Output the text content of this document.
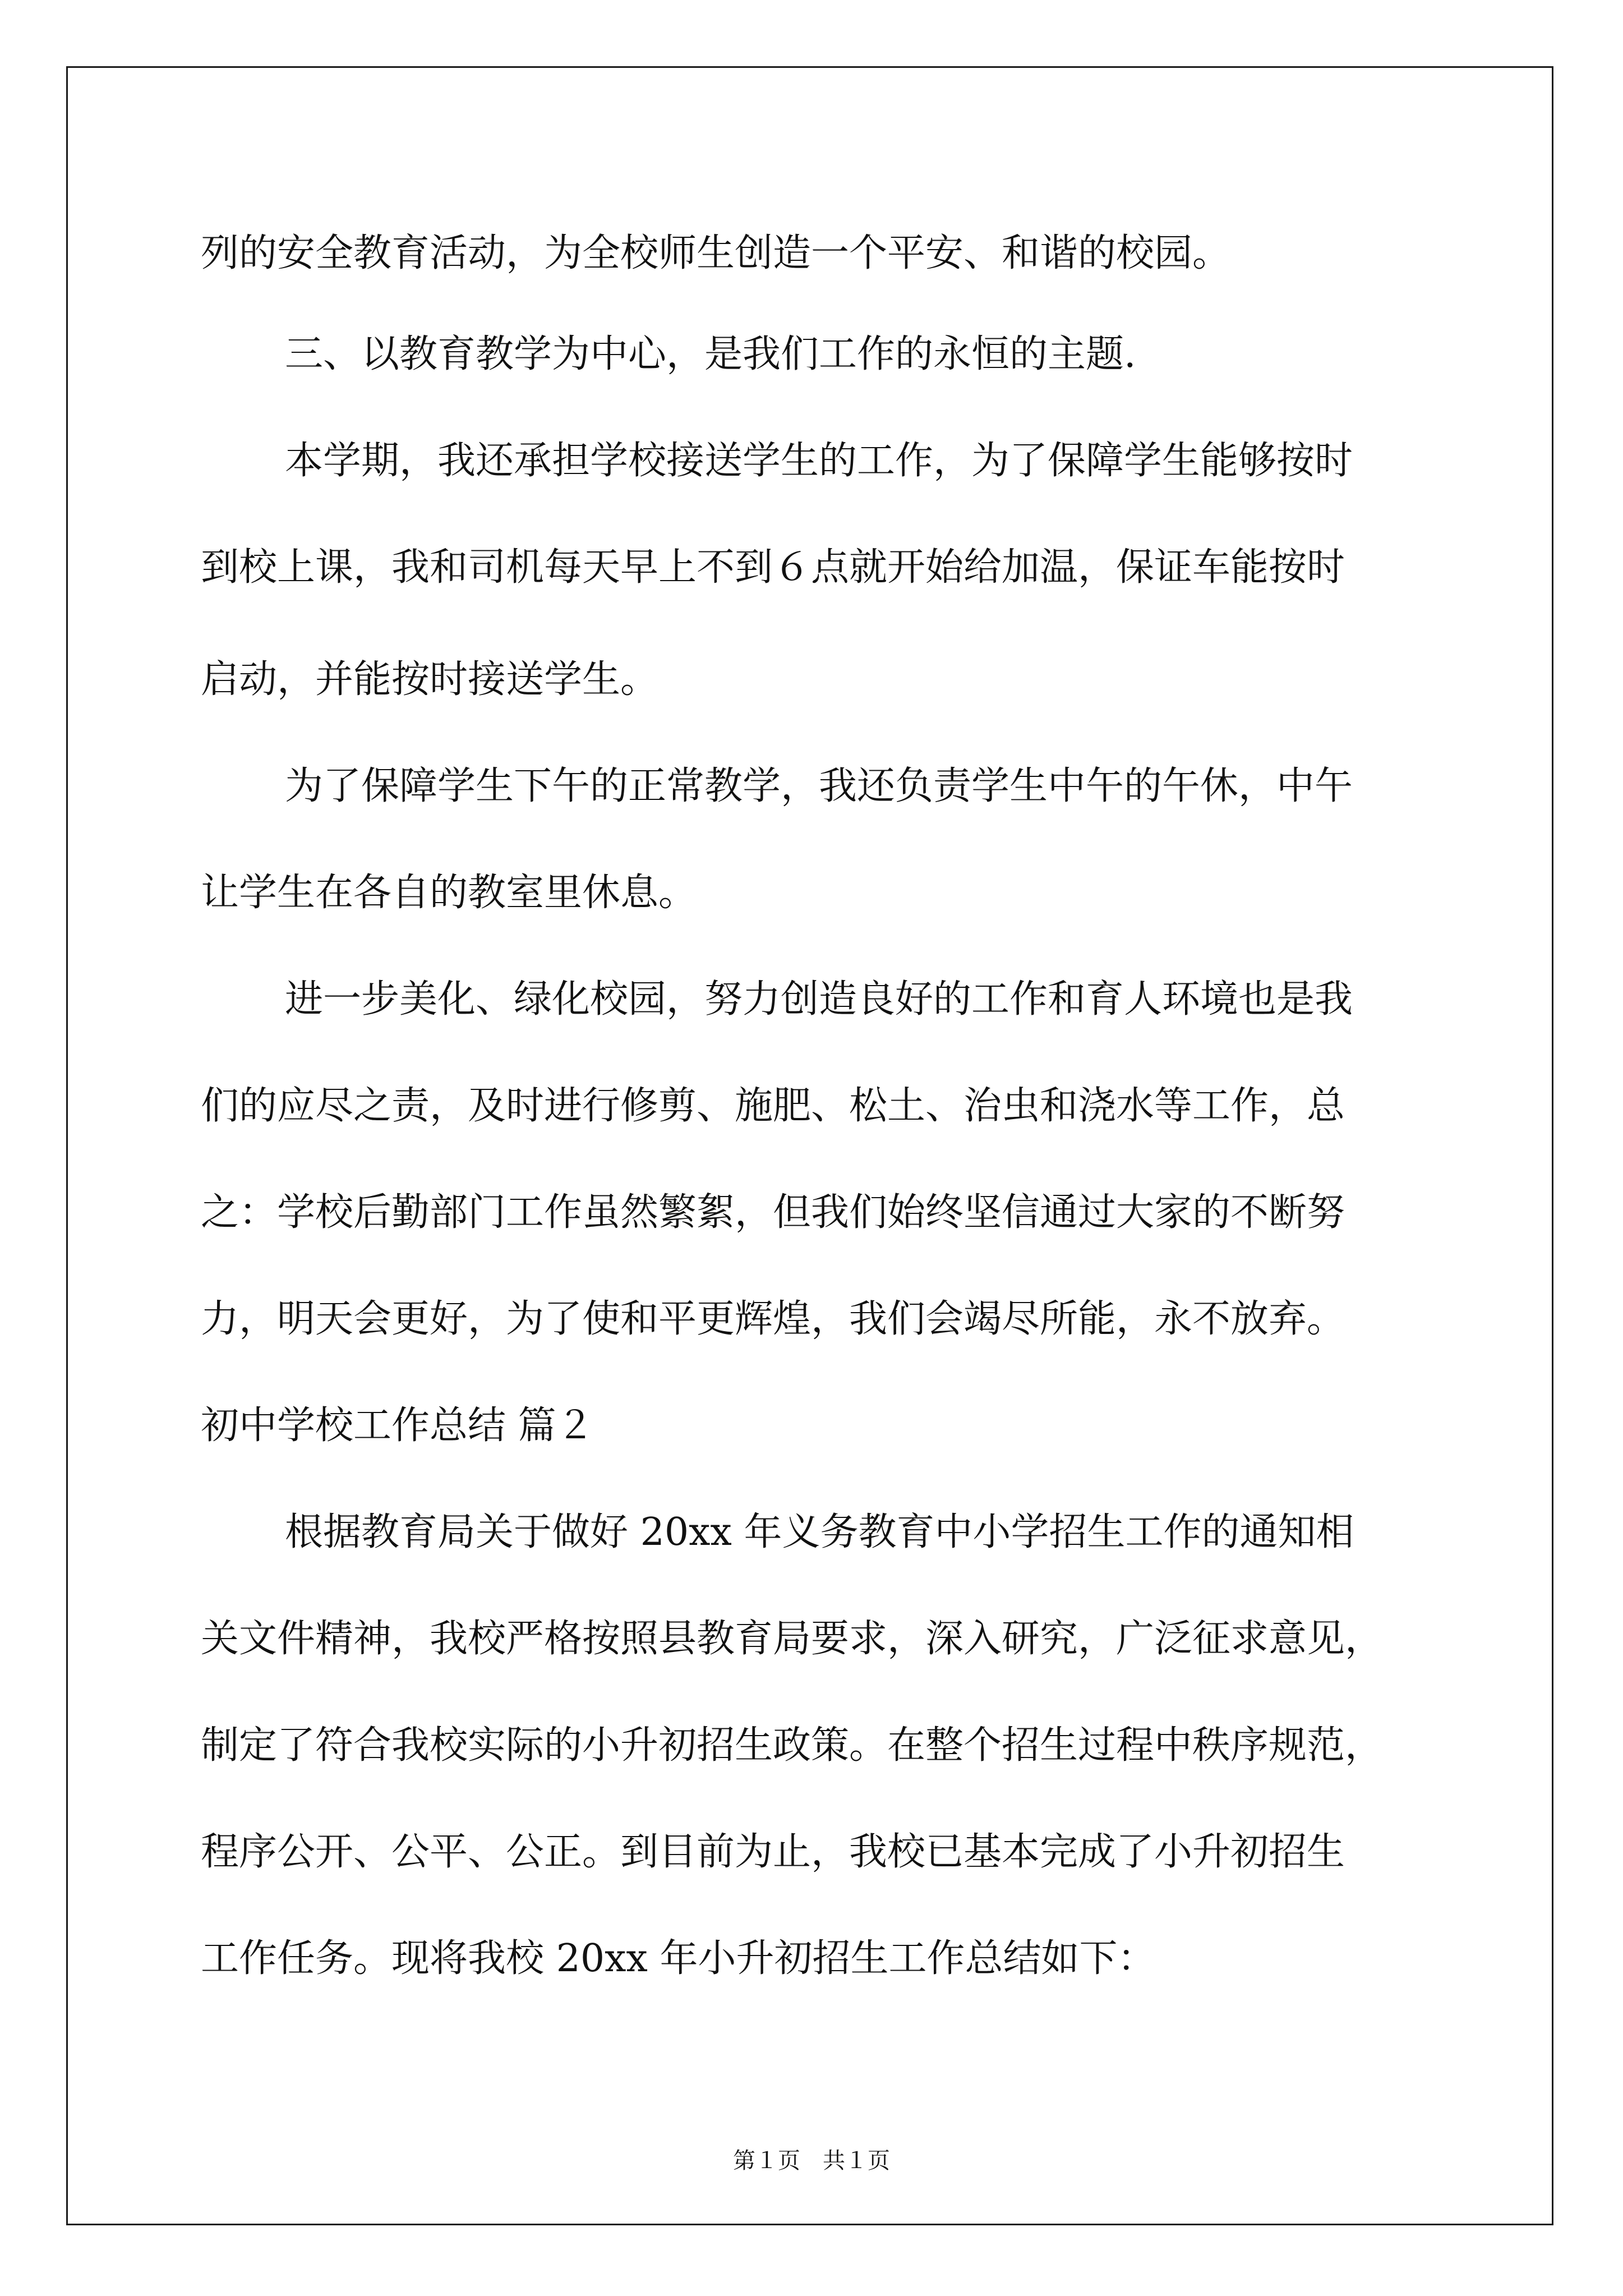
列的安全教育活动，为全校师生创造一个平安、和谐的校园。
三、以教育教学为中心，是我们工作的永恒的主题.
本学期，我还承担学校接送学生的工作，为了保障学生能够按时
到校上课，我和司机每天早上不到６点就开始给加温，保证车能按时
启动，并能按时接送学生。
为了保障学生下午的正常教学，我还负责学生中午的午休，中午
让学生在各自的教室里休息。
进一步美化、绿化校园，努力创造良好的工作和育人环境也是我
们的应尽之责，及时进行修剪、施肥、松土、治虫和浇水等工作，总
之：学校后勤部门工作虽然繁絮，但我们始终坚信通过大家的不断努
力，明天会更好，为了使和平更辉煌，我们会竭尽所能，永不放弃。
初中学校工作总结 篇２
根据教育局关于做好 20xx 年义务教育中小学招生工作的通知相
关文件精神，我校严格按照县教育局要求，深入研究，广泛征求意见，
制定了符合我校实际的小升初招生政策。在整个招生过程中秩序规范，
程序公开、公平、公正。到目前为止，我校已基本完成了小升初招生
工作任务。现将我校 20xx 年小升初招生工作总结如下：
第１页　共１页
